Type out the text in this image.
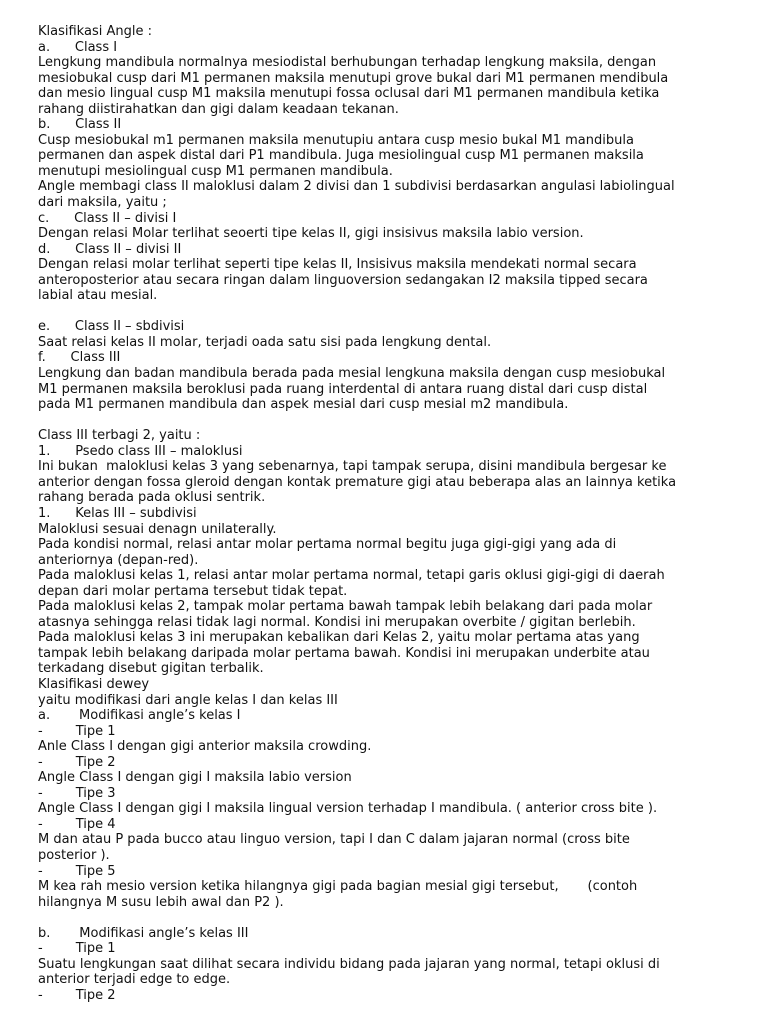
Klasifikasi Angle :
a.      Class I
Lengkung mandibula normalnya mesiodistal berhubungan terhadap lengkung maksila, dengan
mesiobukal cusp dari M1 permanen maksila menutupi grove bukal dari M1 permanen mendibula
dan mesio lingual cusp M1 maksila menutupi fossa oclusal dari M1 permanen mandibula ketika
rahang diistirahatkan dan gigi dalam keadaan tekanan.
b.      Class II
Cusp mesiobukal m1 permanen maksila menutupiu antara cusp mesio bukal M1 mandibula
permanen dan aspek distal dari P1 mandibula. Juga mesiolingual cusp M1 permanen maksila
menutupi mesiolingual cusp M1 permanen mandibula.
Angle membagi class II maloklusi dalam 2 divisi dan 1 subdivisi berdasarkan angulasi labiolingual
dari maksila, yaitu ;
c.      Class II – divisi I
Dengan relasi Molar terlihat seoerti tipe kelas II, gigi insisivus maksila labio version.
d.      Class II – divisi II
Dengan relasi molar terlihat seperti tipe kelas II, Insisivus maksila mendekati normal secara
anteroposterior atau secara ringan dalam linguoversion sedangakan I2 maksila tipped secara
labial atau mesial.
e.      Class II – sbdivisi
Saat relasi kelas II molar, terjadi oada satu sisi pada lengkung dental.
f.      Class III
Lengkung dan badan mandibula berada pada mesial lengkuna maksila dengan cusp mesiobukal
M1 permanen maksila beroklusi pada ruang interdental di antara ruang distal dari cusp distal
pada M1 permanen mandibula dan aspek mesial dari cusp mesial m2 mandibula.
Class III terbagi 2, yaitu :
1.      Psedo class III – maloklusi
Ini bukan  maloklusi kelas 3 yang sebenarnya, tapi tampak serupa, disini mandibula bergesar ke
anterior dengan fossa gleroid dengan kontak premature gigi atau beberapa alas an lainnya ketika
rahang berada pada oklusi sentrik.
1.      Kelas III – subdivisi
Maloklusi sesuai denagn unilaterally.
Pada kondisi normal, relasi antar molar pertama normal begitu juga gigi-gigi yang ada di
anteriornya (depan-red).
Pada maloklusi kelas 1, relasi antar molar pertama normal, tetapi garis oklusi gigi-gigi di daerah
depan dari molar pertama tersebut tidak tepat.
Pada maloklusi kelas 2, tampak molar pertama bawah tampak lebih belakang dari pada molar
atasnya sehingga relasi tidak lagi normal. Kondisi ini merupakan overbite / gigitan berlebih.
Pada maloklusi kelas 3 ini merupakan kebalikan dari Kelas 2, yaitu molar pertama atas yang
tampak lebih belakang daripada molar pertama bawah. Kondisi ini merupakan underbite atau
terkadang disebut gigitan terbalik.
Klasifikasi dewey
yaitu modifikasi dari angle kelas I dan kelas III
a.       Modifikasi angle’s kelas I
-        Tipe 1
Anle Class I dengan gigi anterior maksila crowding.
-        Tipe 2
Angle Class I dengan gigi I maksila labio version
-        Tipe 3
Angle Class I dengan gigi I maksila lingual version terhadap I mandibula. ( anterior cross bite ).
-        Tipe 4
M dan atau P pada bucco atau linguo version, tapi I dan C dalam jajaran normal (cross bite
posterior ).
-        Tipe 5
M kea rah mesio version ketika hilangnya gigi pada bagian mesial gigi tersebut,       (contoh
hilangnya M susu lebih awal dan P2 ).
b.       Modifikasi angle’s kelas III
-        Tipe 1
Suatu lengkungan saat dilihat secara individu bidang pada jajaran yang normal, tetapi oklusi di
anterior terjadi edge to edge.
-        Tipe 2
